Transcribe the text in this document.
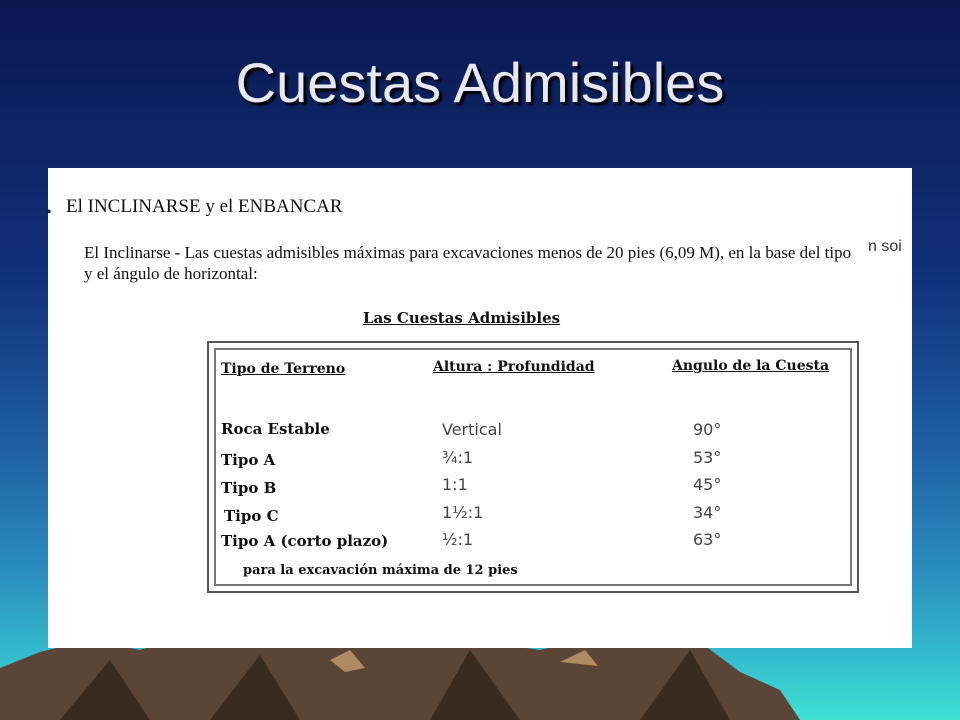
Cuestas Admisibles
• El INCLINARSE y el ENBANCAR
El Inclinarse - Las cuestas admisibles máximas para excavaciones menos de 20 pies (6,09 M), en la base del tipo y el ángulo de horizontal:
n soi
Las Cuestas Admisibles
Tipo de Terreno	Altura : Profundidad	Angulo de la Cuesta
Roca Estable	Vertical	90°
Tipo A	¾:1	53°
Tipo B	1:1	45°
Tipo C	1½:1	34°
Tipo A (corto plazo)	½:1	63°
para la excavación máxima de 12 pies
